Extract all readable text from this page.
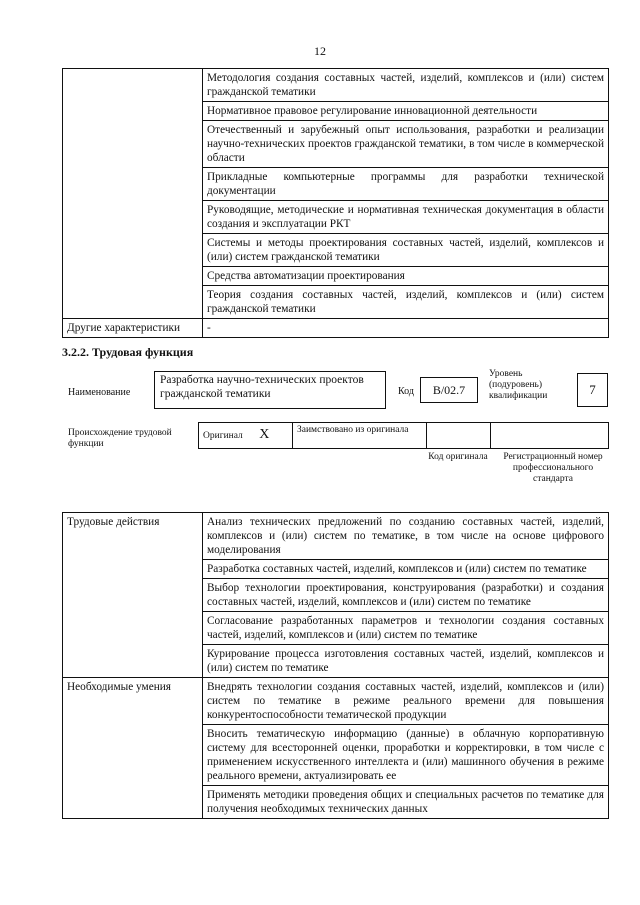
12
	Методология создания составных частей, изделий, комплексов и (или) систем гражданской тематики
	Нормативное правовое регулирование инновационной деятельности
	Отечественный и зарубежный опыт использования, разработки и реализации научно-технических проектов гражданской тематики, в том числе в коммерческой области
	Прикладные компьютерные программы для разработки технической документации
	Руководящие, методические и нормативная техническая документация в области создания и эксплуатации РКТ
	Системы и методы проектирования составных частей, изделий, комплексов и (или) систем гражданской тематики
	Средства автоматизации проектирования
	Теория создания составных частей, изделий, комплексов и (или) систем гражданской тематики
Другие характеристики	-
3.2.2. Трудовая функция
Наименование
Разработка научно-технических проектов гражданской тематики	Код	B/02.7
Уровень (подуровень) квалификации	7
Происхождение трудовой функции
Оригинал X	Заимствовано из оригинала		
Код оригинала	Регистрационный номер профессионального стандарта
Трудовые действия	Анализ технических предложений по созданию составных частей, изделий, комплексов и (или) систем по тематике, в том числе на основе цифрового моделирования
	Разработка составных частей, изделий, комплексов и (или) систем по тематике
	Выбор технологии проектирования, конструирования (разработки) и создания составных частей, изделий, комплексов и (или) систем по тематике
	Согласование разработанных параметров и технологии создания составных частей, изделий, комплексов и (или) систем по тематике
	Курирование процесса изготовления составных частей, изделий, комплексов и (или) систем по тематике
Необходимые умения	Внедрять технологии создания составных частей, изделий, комплексов и (или) систем по тематике в режиме реального времени для повышения конкурентоспособности тематической продукции
	Вносить тематическую информацию (данные) в облачную корпоративную систему для всесторонней оценки, проработки и корректировки, в том числе с применением искусственного интеллекта и (или) машинного обучения в режиме реального времени, актуализировать ее
	Применять методики проведения общих и специальных расчетов по тематике для получения необходимых технических данных
